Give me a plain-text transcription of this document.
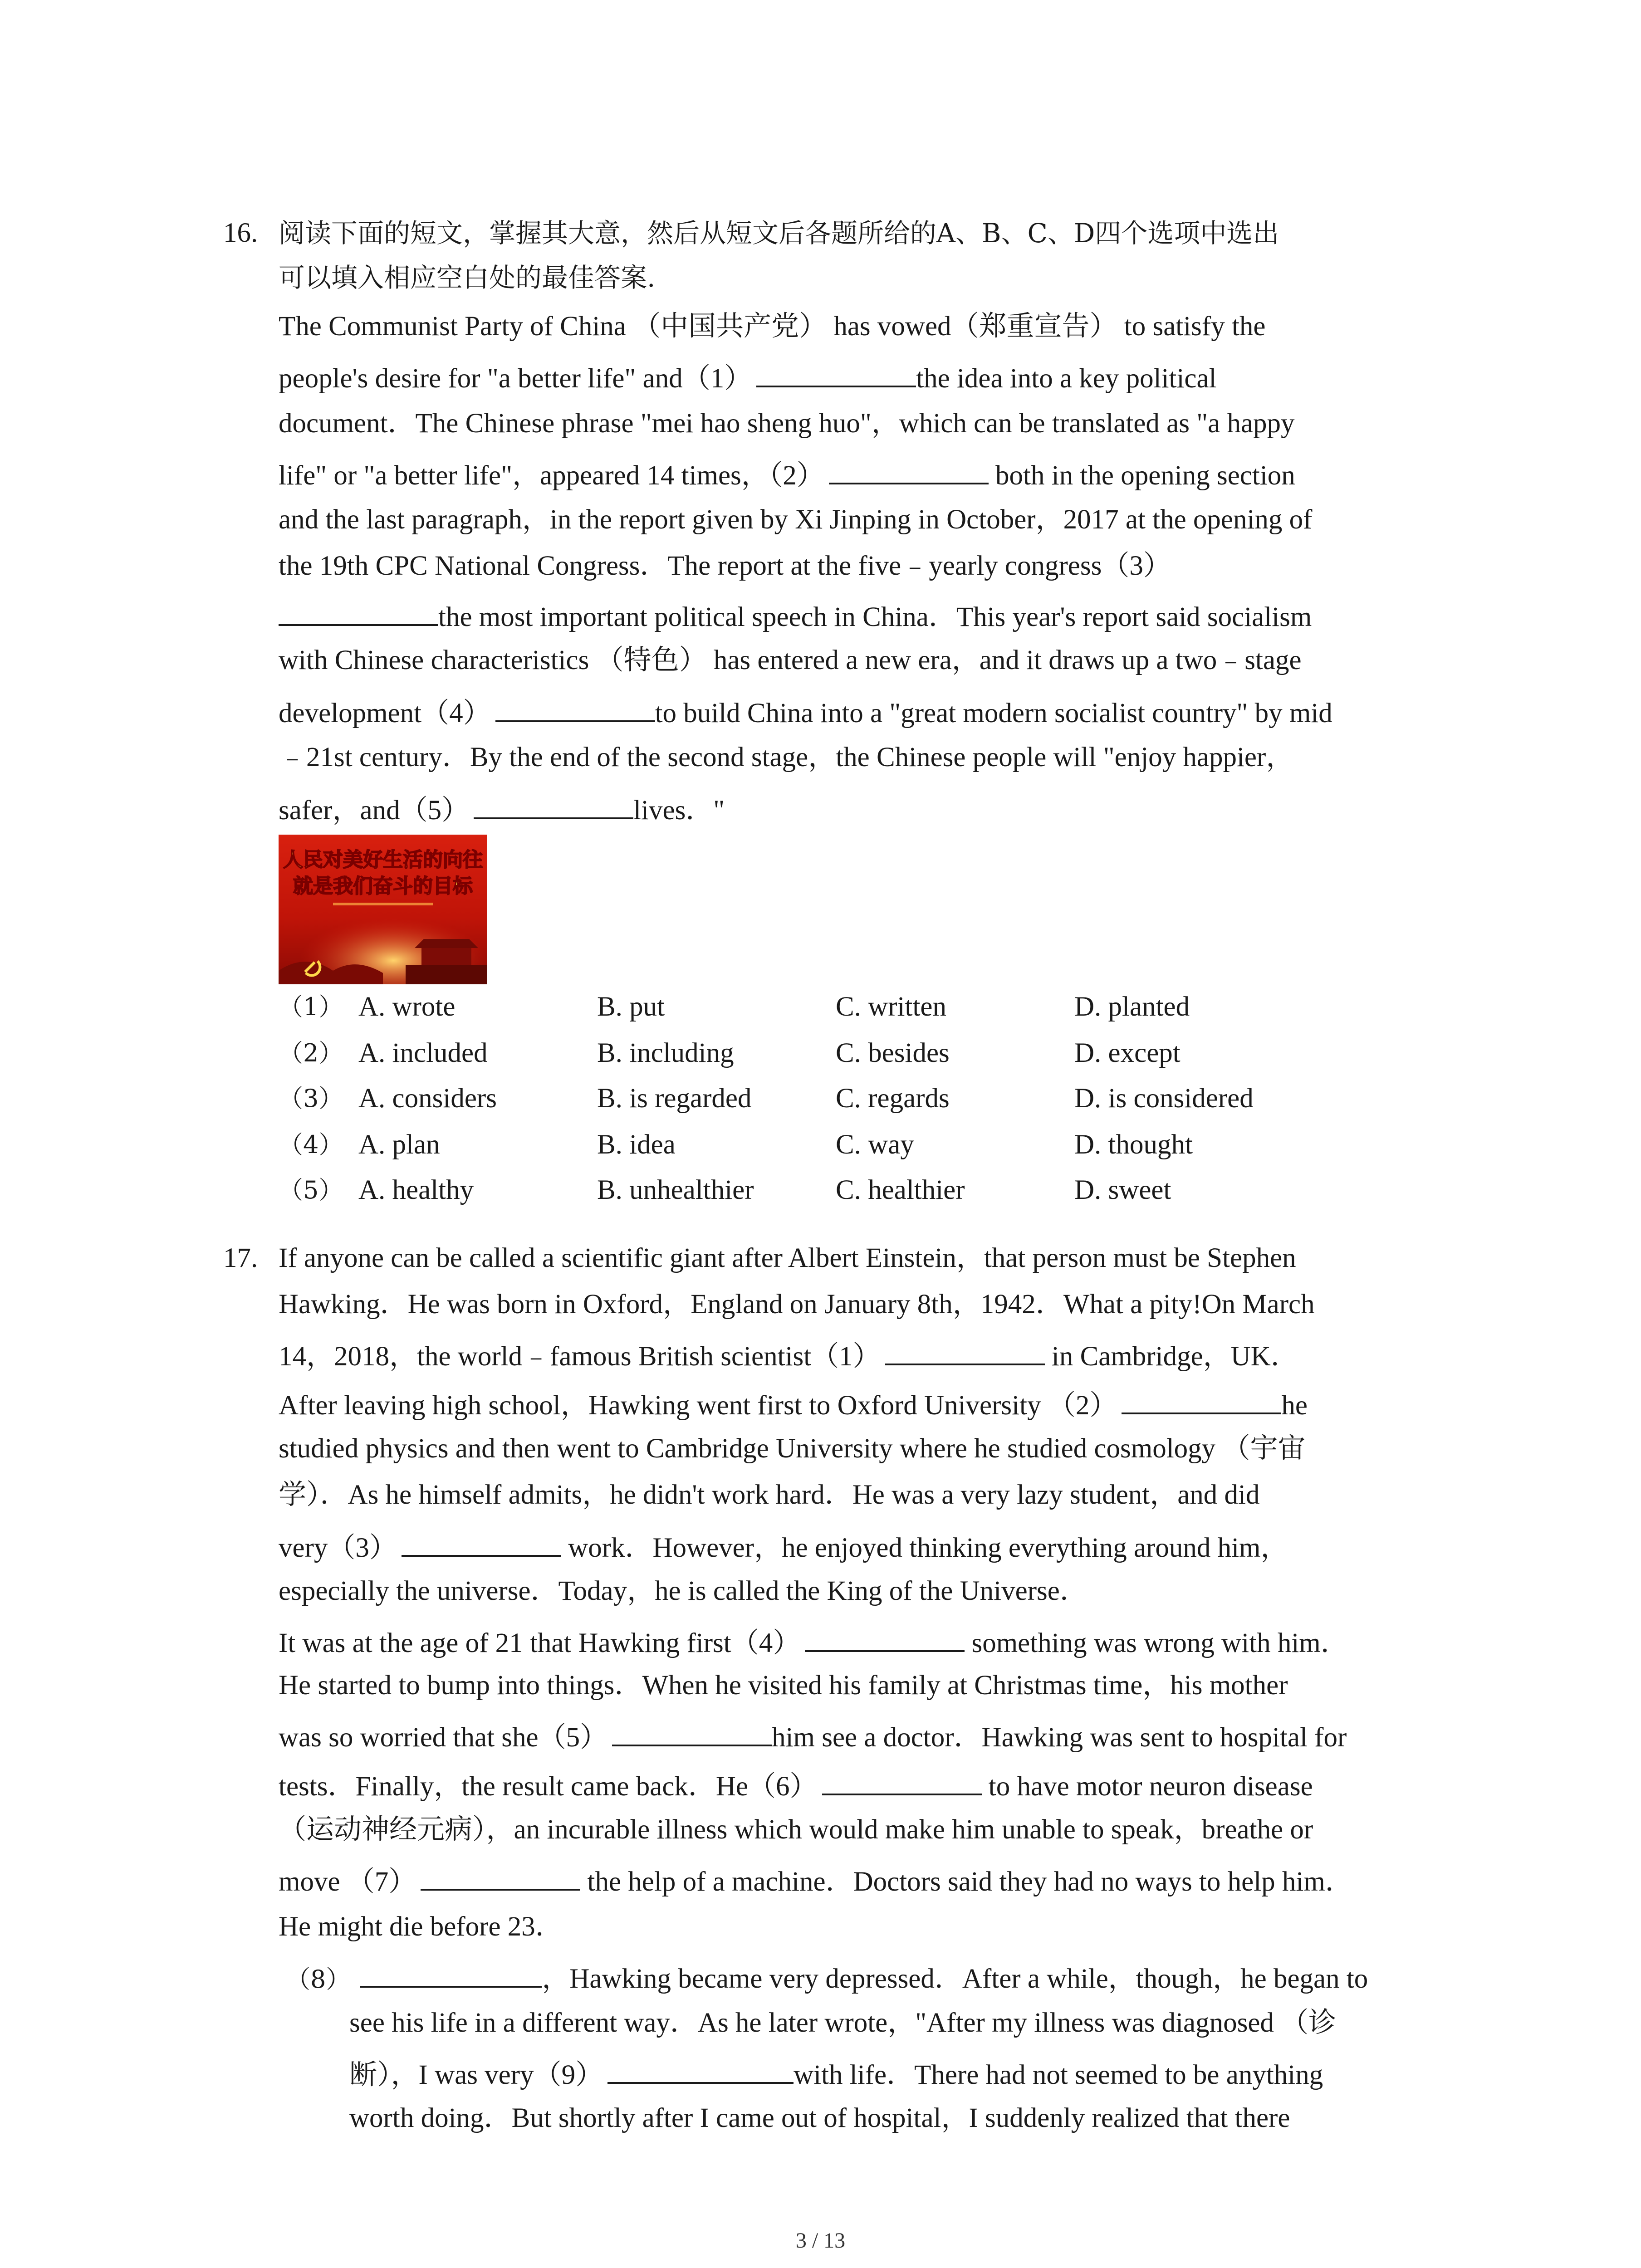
16. 阅读下面的短文，掌握其大意，然后从短文后各题所给的A、B、C、D四个选项中选出
可以填入相应空白处的最佳答案.
The Communist Party of China （中国共产党） has vowed（郑重宣告） to satisfy the
people's desire for "a better life" and（1）	the idea into a key political
document．The Chinese phrase "mei hao sheng huo"，which can be translated as "a happy
life" or "a better life"，appeared 14 times，（2）	both in the opening section
and the last paragraph，in the report given by Xi Jinping in October，2017 at the opening of
the 19th CPC National Congress．The report at the five﹣yearly congress（3）
the most important political speech in China．This year's report said socialism
with Chinese characteristics （特色） has entered a new era，and it draws up a two﹣stage
development（4）	to build China into a "great modern socialist country" by mid
﹣21st century．By the end of the second stage，the Chinese people will "enjoy happier，
safer，and（5）	lives．"
人民对美好生活的向往
就是我们奋斗的目标
（1） A. wrote	B. put	C. written	D. planted
（2） A. included	B. including	C. besides	D. except
（3） A. considers	B. is regarded	C. regards	D. is considered
（4） A. plan	B. idea	C. way	D. thought
（5） A. healthy	B. unhealthier	C. healthier	D. sweet
17. If anyone can be called a scientific giant after Albert Einstein，that person must be Stephen
Hawking．He was born in Oxford，England on January 8th，1942．What a pity!On March
14，2018，the world﹣famous British scientist（1）	in Cambridge，UK．
After leaving high school，Hawking went first to Oxford University （2）	he
studied physics and then went to Cambridge University where he studied cosmology （宇宙
学）．As he himself admits，he didn't work hard．He was a very lazy student，and did
very（3）	work．However，he enjoyed thinking everything around him，
especially the universe．Today，he is called the King of the Universe．
It was at the age of 21 that Hawking first（4）	something was wrong with him．
He started to bump into things．When he visited his family at Christmas time，his mother
was so worried that she（5）	him see a doctor．Hawking was sent to hospital for
tests．Finally，the result came back．He（6）	to have motor neuron disease
（运动神经元病），an incurable illness which would make him unable to speak，breathe or
move （7）	the help of a machine．Doctors said they had no ways to help him．
He might die before 23．
（8）	，Hawking became very depressed．After a while，though，he began to
see his life in a different way．As he later wrote，"After my illness was diagnosed （诊
断），I was very（9）	with life．There had not seemed to be anything
worth doing．But shortly after I came out of hospital，I suddenly realized that there
3 / 13
